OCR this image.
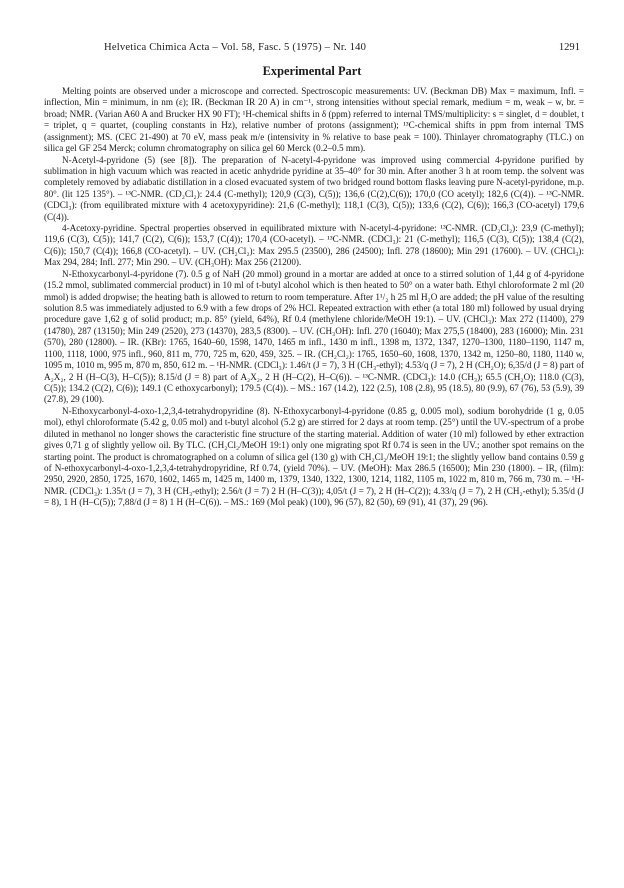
Helvetica Chimica Acta – Vol. 58, Fasc. 5 (1975) – Nr. 140	1291
Experimental Part

Melting points are observed under a microscope and corrected. Spectroscopic measurements: UV. (Beckman DB) Max = maximum, Infl. = inflection, Min = minimum, in nm (ε); IR. (Beckman IR 20 A) in cm⁻¹, strong intensities without special remark, medium = m, weak – w, br. = broad; NMR. (Varian A60 A and Brucker HX 90 FT); ¹H-chemical shifts in δ (ppm) referred to internal TMS/multiplicity: s = singlet, d = doublet, t = triplet, q = quartet, (coupling constants in Hz), relative number of protons (assignment); ¹³C-chemical shifts in ppm from internal TMS (assignment); MS. (CEC 21-490) at 70 eV, mass peak m/e (intensivity in % relative to base peak = 100). Thinlayer chromatography (TLC.) on silica gel GF 254 Merck; column chromatography on silica gel 60 Merck (0.2–0.5 mm).

N-Acetyl-4-pyridone (5) (see [8]). The preparation of N-acetyl-4-pyridone was improved using commercial 4-pyridone purified by sublimation in high vacuum which was reacted in acetic anhydride pyridine at 35–40° for 30 min. After another 3 h at room temp. the solvent was completely removed by adiabatic distillation in a closed evacuated system of two bridged round bottom flasks leaving pure N-acetyl-pyridone, m.p. 80°. (lit 125 135°). – ¹³C-NMR. (CD₂Cl₂): 24.4 (C-methyl); 120,9 (C(3), C(5)); 136,6 (C(2),C(6)); 170,0 (CO acetyl); 182,6 (C(4)). – ¹³C-NMR. (CDCl₃): (from equilibrated mixture with 4 acetoxypyridine): 21,6 (C-methyl); 118,1 (C(3), C(5)); 133,6 (C(2), C(6)); 166,3 (CO-acetyl) 179,6 (C(4)).

4-Acetoxy-pyridine. Spectral properties observed in equilibrated mixture with N-acetyl-4-pyridone: ¹³C-NMR. (CD₂Cl₂): 23,9 (C-methyl); 119,6 (C(3), C(5)); 141,7 (C(2), C(6)); 153,7 (C(4)); 170,4 (CO-acetyl). – ¹³C-NMR. (CDCl₃): 21 (C-methyl); 116,5 (C(3), C(5)); 138,4 (C(2), C(6)); 150,7 (C(4)); 166,8 (CO-acetyl). – UV. (CH₂Cl₂): Max 295.5 (23500), 286 (24500); Infl. 278 (18600); Min 291 (17600). – UV. (CHCl₃): Max 294, 284; Infl. 277; Min 290. – UV. (CH₃OH): Max 256 (21200).

N-Ethoxycarbonyl-4-pyridone (7). 0.5 g of NaH (20 mmol) ground in a mortar are added at once to a stirred solution of 1,44 g of 4-pyridone (15.2 mmol, sublimated commercial product) in 10 ml of t-butyl alcohol which is then heated to 50° on a water bath. Ethyl chloroformate 2 ml (20 mmol) is added dropwise; the heating bath is allowed to return to room temperature. After 1¹/₂ h 25 ml H₂O are added; the pH value of the resulting solution 8.5 was immediately adjusted to 6.9 with a few drops of 2% HCl. Repeated extraction with ether (a total 180 ml) followed by usual drying procedure gave 1,62 g of solid product; m.p. 85° (yield, 64%), Rf 0.4 (methylene chloride/MeOH 19:1). – UV. (CHCl₃): Max 272 (11400), 279 (14780), 287 (13150); Min 249 (2520), 273 (14370), 283,5 (8300). – UV. (CH₃OH): Infl. 270 (16040); Max 275,5 (18400), 283 (16000); Min. 231 (570), 280 (12800). – IR. (KBr): 1765, 1640–60, 1598, 1470, 1465 m infl., 1430 m infl., 1398 m, 1372, 1347, 1270–1300, 1180–1190, 1147 m, 1100, 1118, 1000, 975 infl., 960, 811 m, 770, 725 m, 620, 459, 325. – IR. (CH₂Cl₂): 1765, 1650–60, 1608, 1370, 1342 m, 1250–80, 1180, 1140 w, 1095 m, 1010 m, 995 m, 870 m, 850, 612 m. – ¹H-NMR. (CDCl₃): 1.46/t (J = 7), 3 H (CH₃-ethyl); 4.53/q (J = 7), 2 H (CH₂O); 6,35/d (J = 8) part of A₂X₂, 2 H (H–C(3), H–C(5)); 8.15/d (J = 8) part of A₂X₂, 2 H (H–C(2), H–C(6)). – ¹³C-NMR. (CDCl₃): 14.0 (CH₃); 65.5 (CH₂O); 118.0 (C(3), C(5)); 134.2 (C(2), C(6)); 149.1 (C ethoxycarbonyl); 179.5 (C(4)). – MS.: 167 (14.2), 122 (2.5), 108 (2.8), 95 (18.5), 80 (9.9), 67 (76), 53 (5.9), 39 (27.8), 29 (100).

N-Ethoxycarbonyl-4-oxo-1,2,3,4-tetrahydropyridine (8). N-Ethoxycarbonyl-4-pyridone (0.85 g, 0.005 mol), sodium borohydride (1 g, 0.05 mol), ethyl chloroformate (5.42 g, 0.05 mol) and t-butyl alcohol (5.2 g) are stirred for 2 days at room temp. (25°) until the UV.-spectrum of a probe diluted in methanol no longer shows the caracteristic fine structure of the starting material. Addition of water (10 ml) followed by ether extraction gives 0,71 g of slightly yellow oil. By TLC. (CH₂Cl₂/MeOH 19:1) only one migrating spot Rf 0.74 is seen in the UV.; another spot remains on the starting point. The product is chromatographed on a column of silica gel (130 g) with CH₂Cl₂/MeOH 19:1; the slightly yellow band contains 0.59 g of N-ethoxycarbonyl-4-oxo-1,2,3,4-tetrahydropyridine, Rf 0.74, (yield 70%). – UV. (MeOH): Max 286.5 (16500); Min 230 (1800). – IR, (film): 2950, 2920, 2850, 1725, 1670, 1602, 1465 m, 1425 m, 1400 m, 1379, 1340, 1322, 1300, 1214, 1182, 1105 m, 1022 m, 810 m, 766 m, 730 m. – ¹H-NMR. (CDCl₃): 1.35/t (J = 7), 3 H (CH₃-ethyl); 2.56/t (J = 7) 2 H (H–C(3)); 4,05/t (J = 7), 2 H (H–C(2)); 4.33/q (J = 7), 2 H (CH₂-ethyl); 5.35/d (J = 8), 1 H (H–C(5)); 7,88/d (J = 8) 1 H (H–C(6)). – MS.: 169 (Mol peak) (100), 96 (57), 82 (50), 69 (91), 41 (37), 29 (96).
